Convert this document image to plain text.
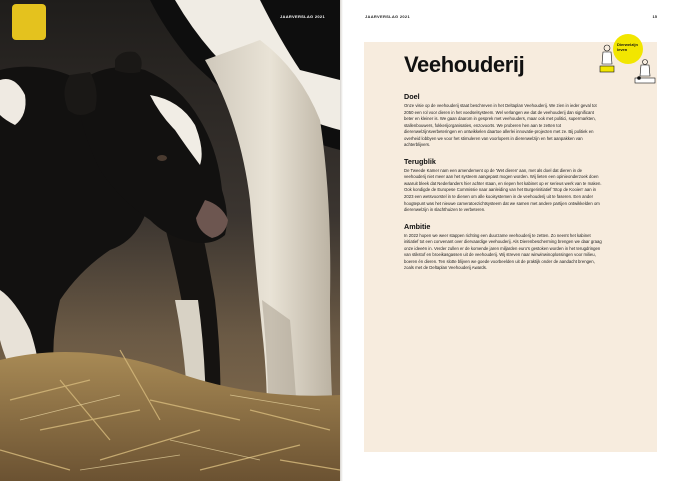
JAARVERSLAG 2021	JAARVERSLAG 2021	15
Dierwelzijn
leven
Veehouderij
Doel

Onze visie op de veehouderij staat beschreven in het Deltaplan Veehouderij. We zien in ieder geval tot 2050 een rol voor dieren in het voedselsysteem. Wel verlangen we dat de veehouderij dan significant beter en kleiner is. We gaan daarom in gesprek met veehouders, maar ook met politici, supermarkten, stallenbouwers, fokkerijorganisaties, enzovoorts. We proberen hen aan te zetten tot dierenwelzijnsverbeteringen en ontwikkelen daartoe allerlei innovatie-projecten met ze. Bij politiek en overheid lobbyen we voor het stimuleren van voorlopers in dierenwelzijn en het aanpakken van achterblijvers.

Terugblik

De Tweede Kamer nam een amendement op de 'Wet dieren' aan, met als doel dat dieren in de veehouderij niet meer aan het systeem aangepast mogen worden. Wij lieten een opinieonderzoek doen waaruit bleek dat Nederlanders hier achter staan, en riepen het kabinet op er serieus werk van te maken. Ook kondigde de Europese Commissie naar aanleiding van het Burgerinitiatief 'Stop de Kooien' aan in 2023 een wetsvoorstel in te dienen om alle kooisystemen in de veehouderij uit te faseren. Een ander hoogtepunt was het nieuwe cameratoezichtsysteem dat we samen met andere partijen ontwikkelden om dierenwelzijn in slachthuizen te verbeteren.

Ambitie

In 2022 hopen we weer stappen richting een duurzame veehouderij te zetten. Zo neemt het kabinet initiatief tot een convenant over diervaardige veehouderij. Als Dierenbescherming brengen we daar graag onze ideeën in. Verder zullen er de komende jaren miljarden euro's gestoken worden in het terugdringen van stikstof en broeikasgassen uit de veehouderij. Wij streven naar winwinwinoplossingen voor milieu, boeren én dieren. Ten slotte blijven we goede voorbeelden uit de praktijk onder de aandacht brengen, zoals met de Deltaplan Veehouderij Awards.
